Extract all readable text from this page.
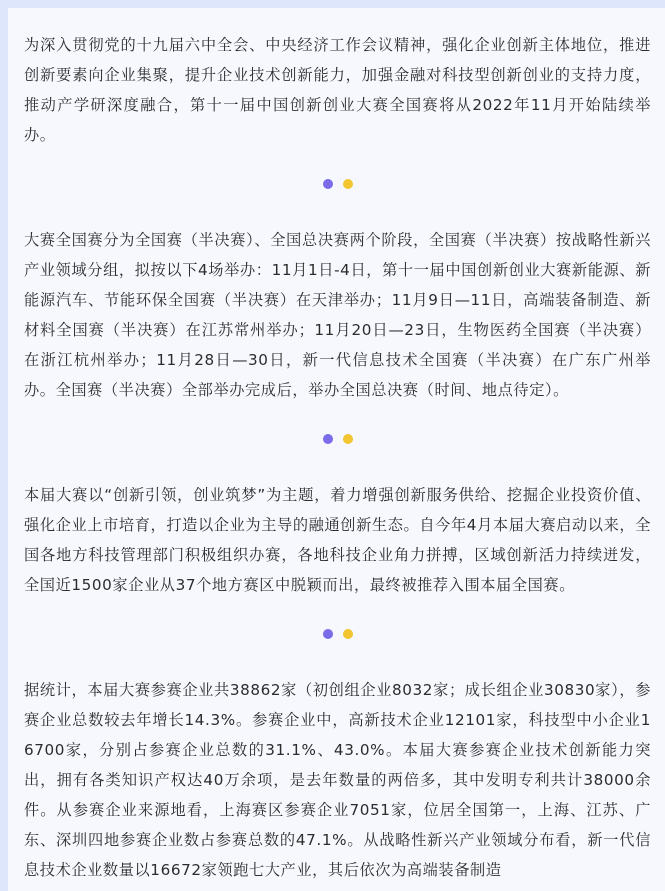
为深入贯彻党的十九届六中全会、中央经济工作会议精神，强化企业创新主体地位，推进创新要素向企业集聚，提升企业技术创新能力，加强金融对科技型创新创业的支持力度，推动产学研深度融合，第十一届中国创新创业大赛全国赛将从2022年11月开始陆续举办。

大赛全国赛分为全国赛（半决赛）、全国总决赛两个阶段，全国赛（半决赛）按战略性新兴产业领域分组，拟按以下4场举办：11月1日-4日，第十一届中国创新创业大赛新能源、新能源汽车、节能环保全国赛（半决赛）在天津举办；11月9日—11日，高端装备制造、新材料全国赛（半决赛）在江苏常州举办；11月20日—23日，生物医药全国赛（半决赛）在浙江杭州举办；11月28日—30日，新一代信息技术全国赛（半决赛）在广东广州举办。全国赛（半决赛）全部举办完成后，举办全国总决赛（时间、地点待定）。

本届大赛以“创新引领，创业筑梦”为主题，着力增强创新服务供给、挖掘企业投资价值、强化企业上市培育，打造以企业为主导的融通创新生态。自今年4月本届大赛启动以来，全国各地方科技管理部门积极组织办赛，各地科技企业角力拼搏，区域创新活力持续迸发，全国近1500家企业从37个地方赛区中脱颖而出，最终被推荐入围本届全国赛。

据统计，本届大赛参赛企业共38862家（初创组企业8032家；成长组企业30830家），参赛企业总数较去年增长14.3%。参赛企业中，高新技术企业12101家，科技型中小企业16700家，分别占参赛企业总数的31.1%、43.0%。本届大赛参赛企业技术创新能力突出，拥有各类知识产权达40万余项，是去年数量的两倍多，其中发明专利共计38000余件。从参赛企业来源地看，上海赛区参赛企业7051家，位居全国第一，上海、江苏、广东、深圳四地参赛企业数占参赛总数的47.1%。从战略性新兴产业领域分布看，新一代信息技术企业数量以16672家领跑七大产业，其后依次为高端装备制造
